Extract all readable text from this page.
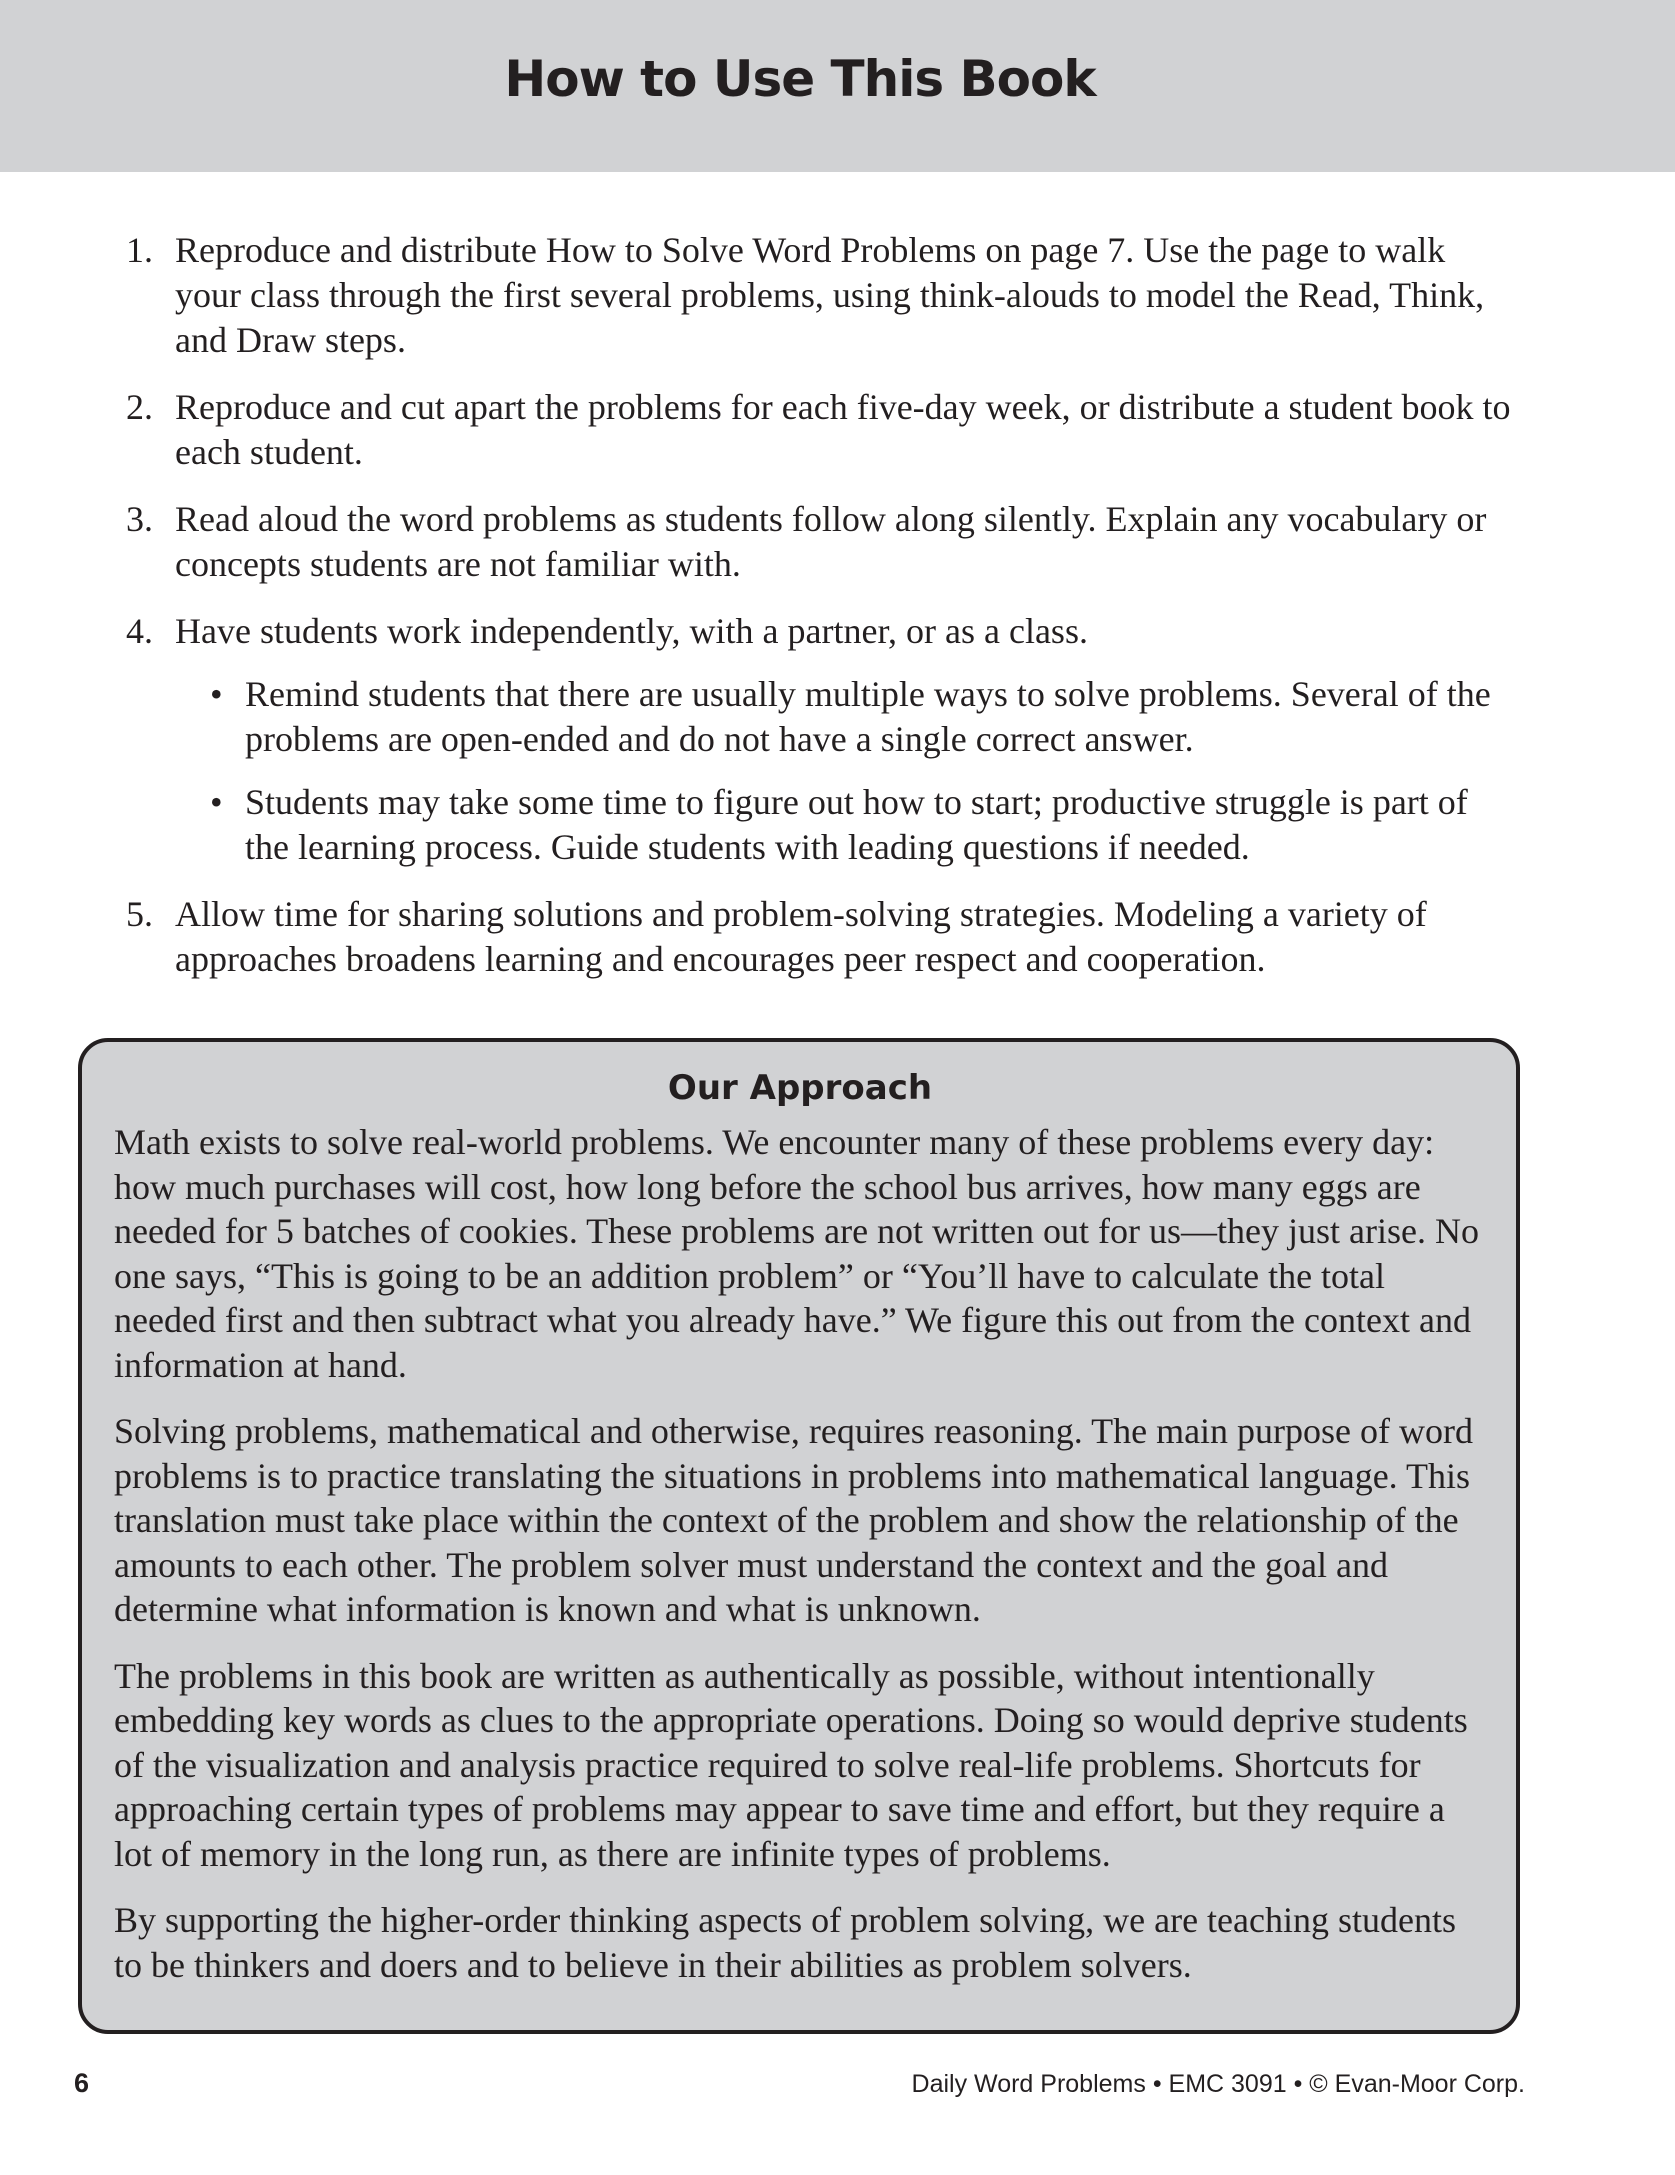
How to Use This Book
1. Reproduce and distribute How to Solve Word Problems on page 7. Use the page to walk your class through the first several problems, using think-alouds to model the Read, Think, and Draw steps.
2. Reproduce and cut apart the problems for each five-day week, or distribute a student book to each student.
3. Read aloud the word problems as students follow along silently. Explain any vocabulary or concepts students are not familiar with.
4. Have students work independently, with a partner, or as a class.
• Remind students that there are usually multiple ways to solve problems. Several of the problems are open-ended and do not have a single correct answer.
• Students may take some time to figure out how to start; productive struggle is part of the learning process. Guide students with leading questions if needed.
5. Allow time for sharing solutions and problem-solving strategies. Modeling a variety of approaches broadens learning and encourages peer respect and cooperation.
Our Approach

Math exists to solve real-world problems. We encounter many of these problems every day: how much purchases will cost, how long before the school bus arrives, how many eggs are needed for 5 batches of cookies. These problems are not written out for us—they just arise. No one says, “This is going to be an addition problem” or “You’ll have to calculate the total needed first and then subtract what you already have.” We figure this out from the context and information at hand.

Solving problems, mathematical and otherwise, requires reasoning. The main purpose of word problems is to practice translating the situations in problems into mathematical language. This translation must take place within the context of the problem and show the relationship of the amounts to each other. The problem solver must understand the context and the goal and determine what information is known and what is unknown.

The problems in this book are written as authentically as possible, without intentionally embedding key words as clues to the appropriate operations. Doing so would deprive students of the visualization and analysis practice required to solve real-life problems. Shortcuts for approaching certain types of problems may appear to save time and effort, but they require a lot of memory in the long run, as there are infinite types of problems.

By supporting the higher-order thinking aspects of problem solving, we are teaching students to be thinkers and doers and to believe in their abilities as problem solvers.

6	Daily Word Problems • EMC 3091 • © Evan-Moor Corp.
